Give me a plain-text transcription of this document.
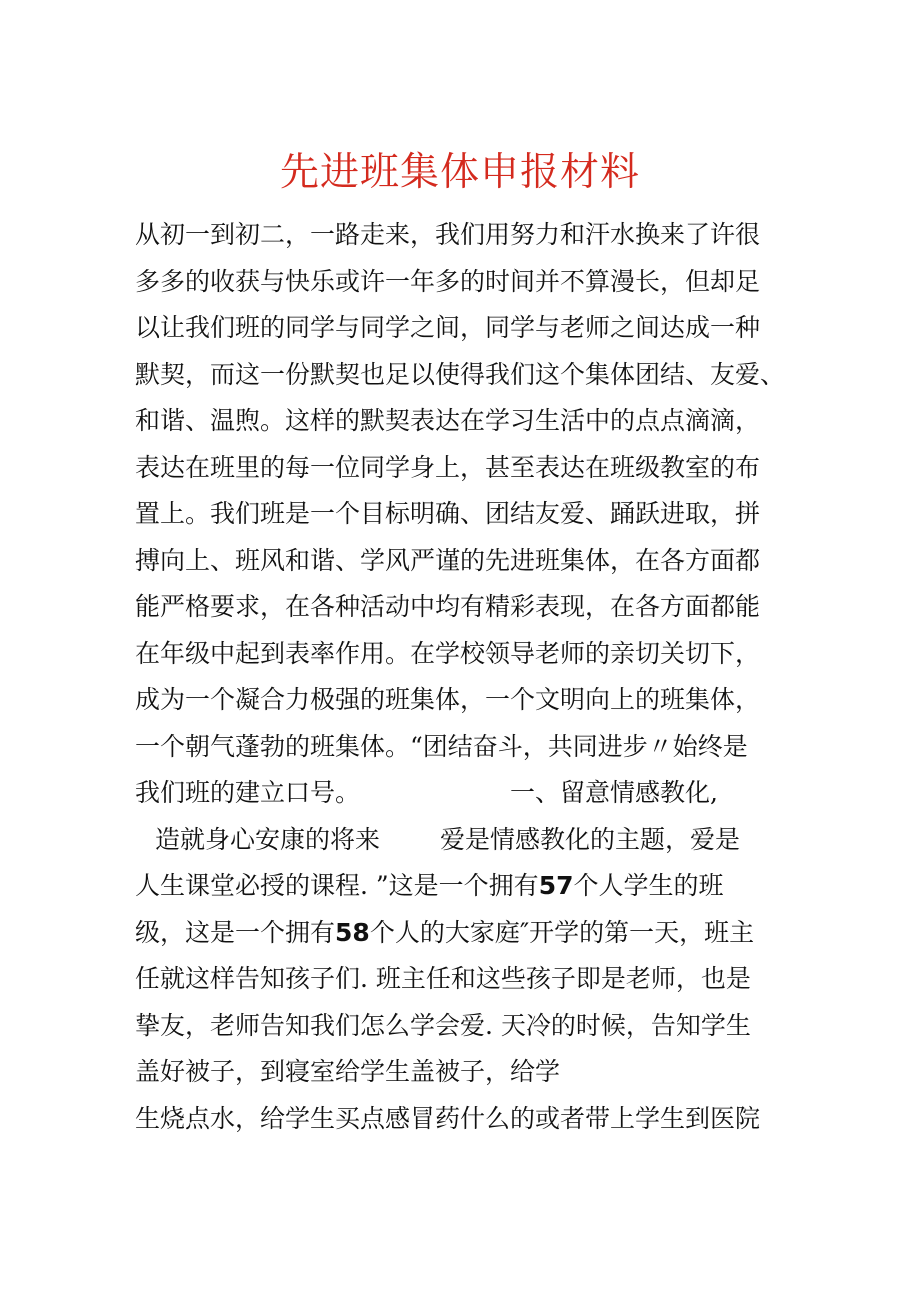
先进班集体申报材料
从初一到初二，一路走来，我们用努力和汗水换来了许很
多多的收获与快乐或许一年多的时间并不算漫长，但却足
以让我们班的同学与同学之间，同学与老师之间达成一种
默契，而这一份默契也足以使得我们这个集体团结、友爱、
和谐、温煦。这样的默契表达在学习生活中的点点滴滴，
表达在班里的每一位同学身上，甚至表达在班级教室的布
置上。我们班是一个目标明确、团结友爱、踊跃进取，拼
搏向上、班风和谐、学风严谨的先进班集体，在各方面都
能严格要求，在各种活动中均有精彩表现，在各方面都能
在年级中起到表率作用。在学校领导老师的亲切关切下，
成为一个凝合力极强的班集体，一个文明向上的班集体，
一个朝气蓬勃的班集体。“团结奋斗，共同进步〃始终是
我们班的建立口号。	一、留意情感教化,
造就身心安康的将来 爱是情感教化的主题，爱是
人生课堂必授的课程. ”这是一个拥有57个人学生的班
级，这是一个拥有58个人的大家庭″开学的第一天，班主
任就这样告知孩子们. 班主任和这些孩子即是老师，也是
挚友，老师告知我们怎么学会爱. 天冷的时候，告知学生
盖好被子，到寝室给学生盖被子，给学
生烧点水，给学生买点感冒药什么的或者带上学生到医院
